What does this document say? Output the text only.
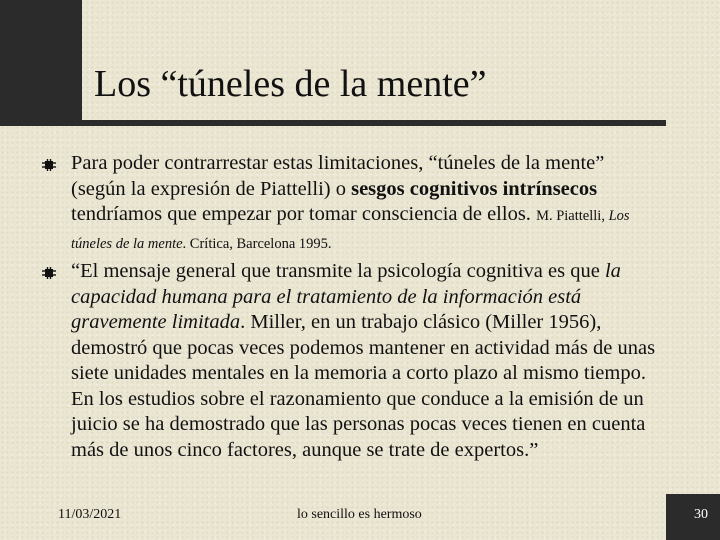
Los “túneles de la mente”
Para poder contrarrestar estas limitaciones, “túneles de la mente” (según la expresión de Piattelli) o sesgos cognitivos intrínsecos tendríamos que empezar por tomar consciencia de ellos. M. Piattelli, Los túneles de la mente. Crítica, Barcelona 1995.
“El mensaje general que transmite la psicología cognitiva es que la capacidad humana para el tratamiento de la información está gravemente limitada. Miller, en un trabajo clásico (Miller 1956), demostró que pocas veces podemos mantener en actividad más de unas siete unidades mentales en la memoria a corto plazo al mismo tiempo. En los estudios sobre el razonamiento que conduce a la emisión de un juicio se ha demostrado que las personas pocas veces tienen en cuenta más de unos cinco factores, aunque se trate de expertos.”
11/03/2021	lo sencillo es hermoso	30
